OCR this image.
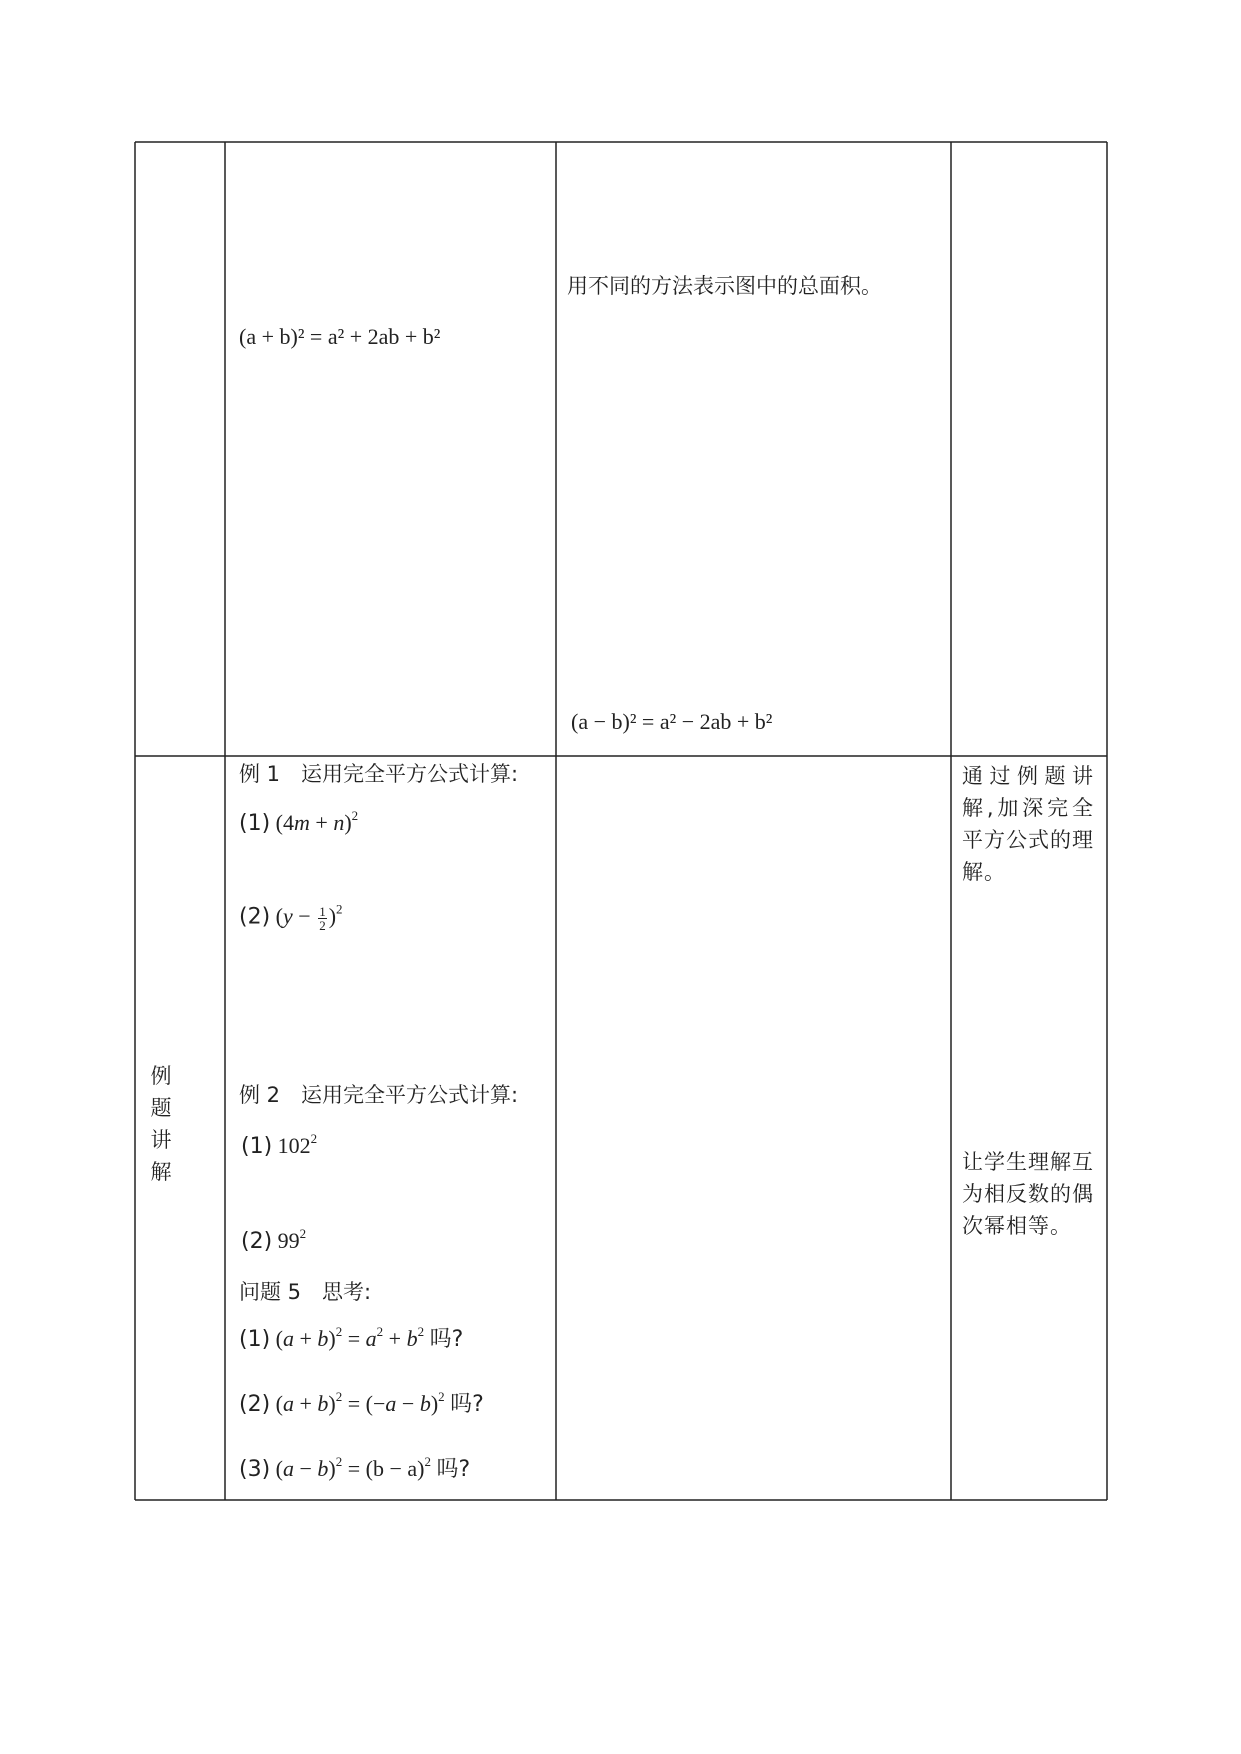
(a + b)² = a² + 2ab + b²
用不同的方法表示图中的总面积。
(a − b)² = a² − 2ab + b²
例题讲解
例 1　运用完全平方公式计算:
(1) $(4m + n)^2$
(2) $(y - \frac{1}{2} )^2$
例 2　运用完全平方公式计算:
(1) $102^2$
(2) $99^2$
问题 5　思考:
(1) $(a + b)^2 = a^2 + b^2$ 吗?
(2) $(a + b)^2 = (-a - b)^2$ 吗?
(3) $(a - b)^2 = (b - a)^2$ 吗?
通过例题讲解,加深完全平方公式的理解。
让学生理解互为相反数的偶次幂相等。
